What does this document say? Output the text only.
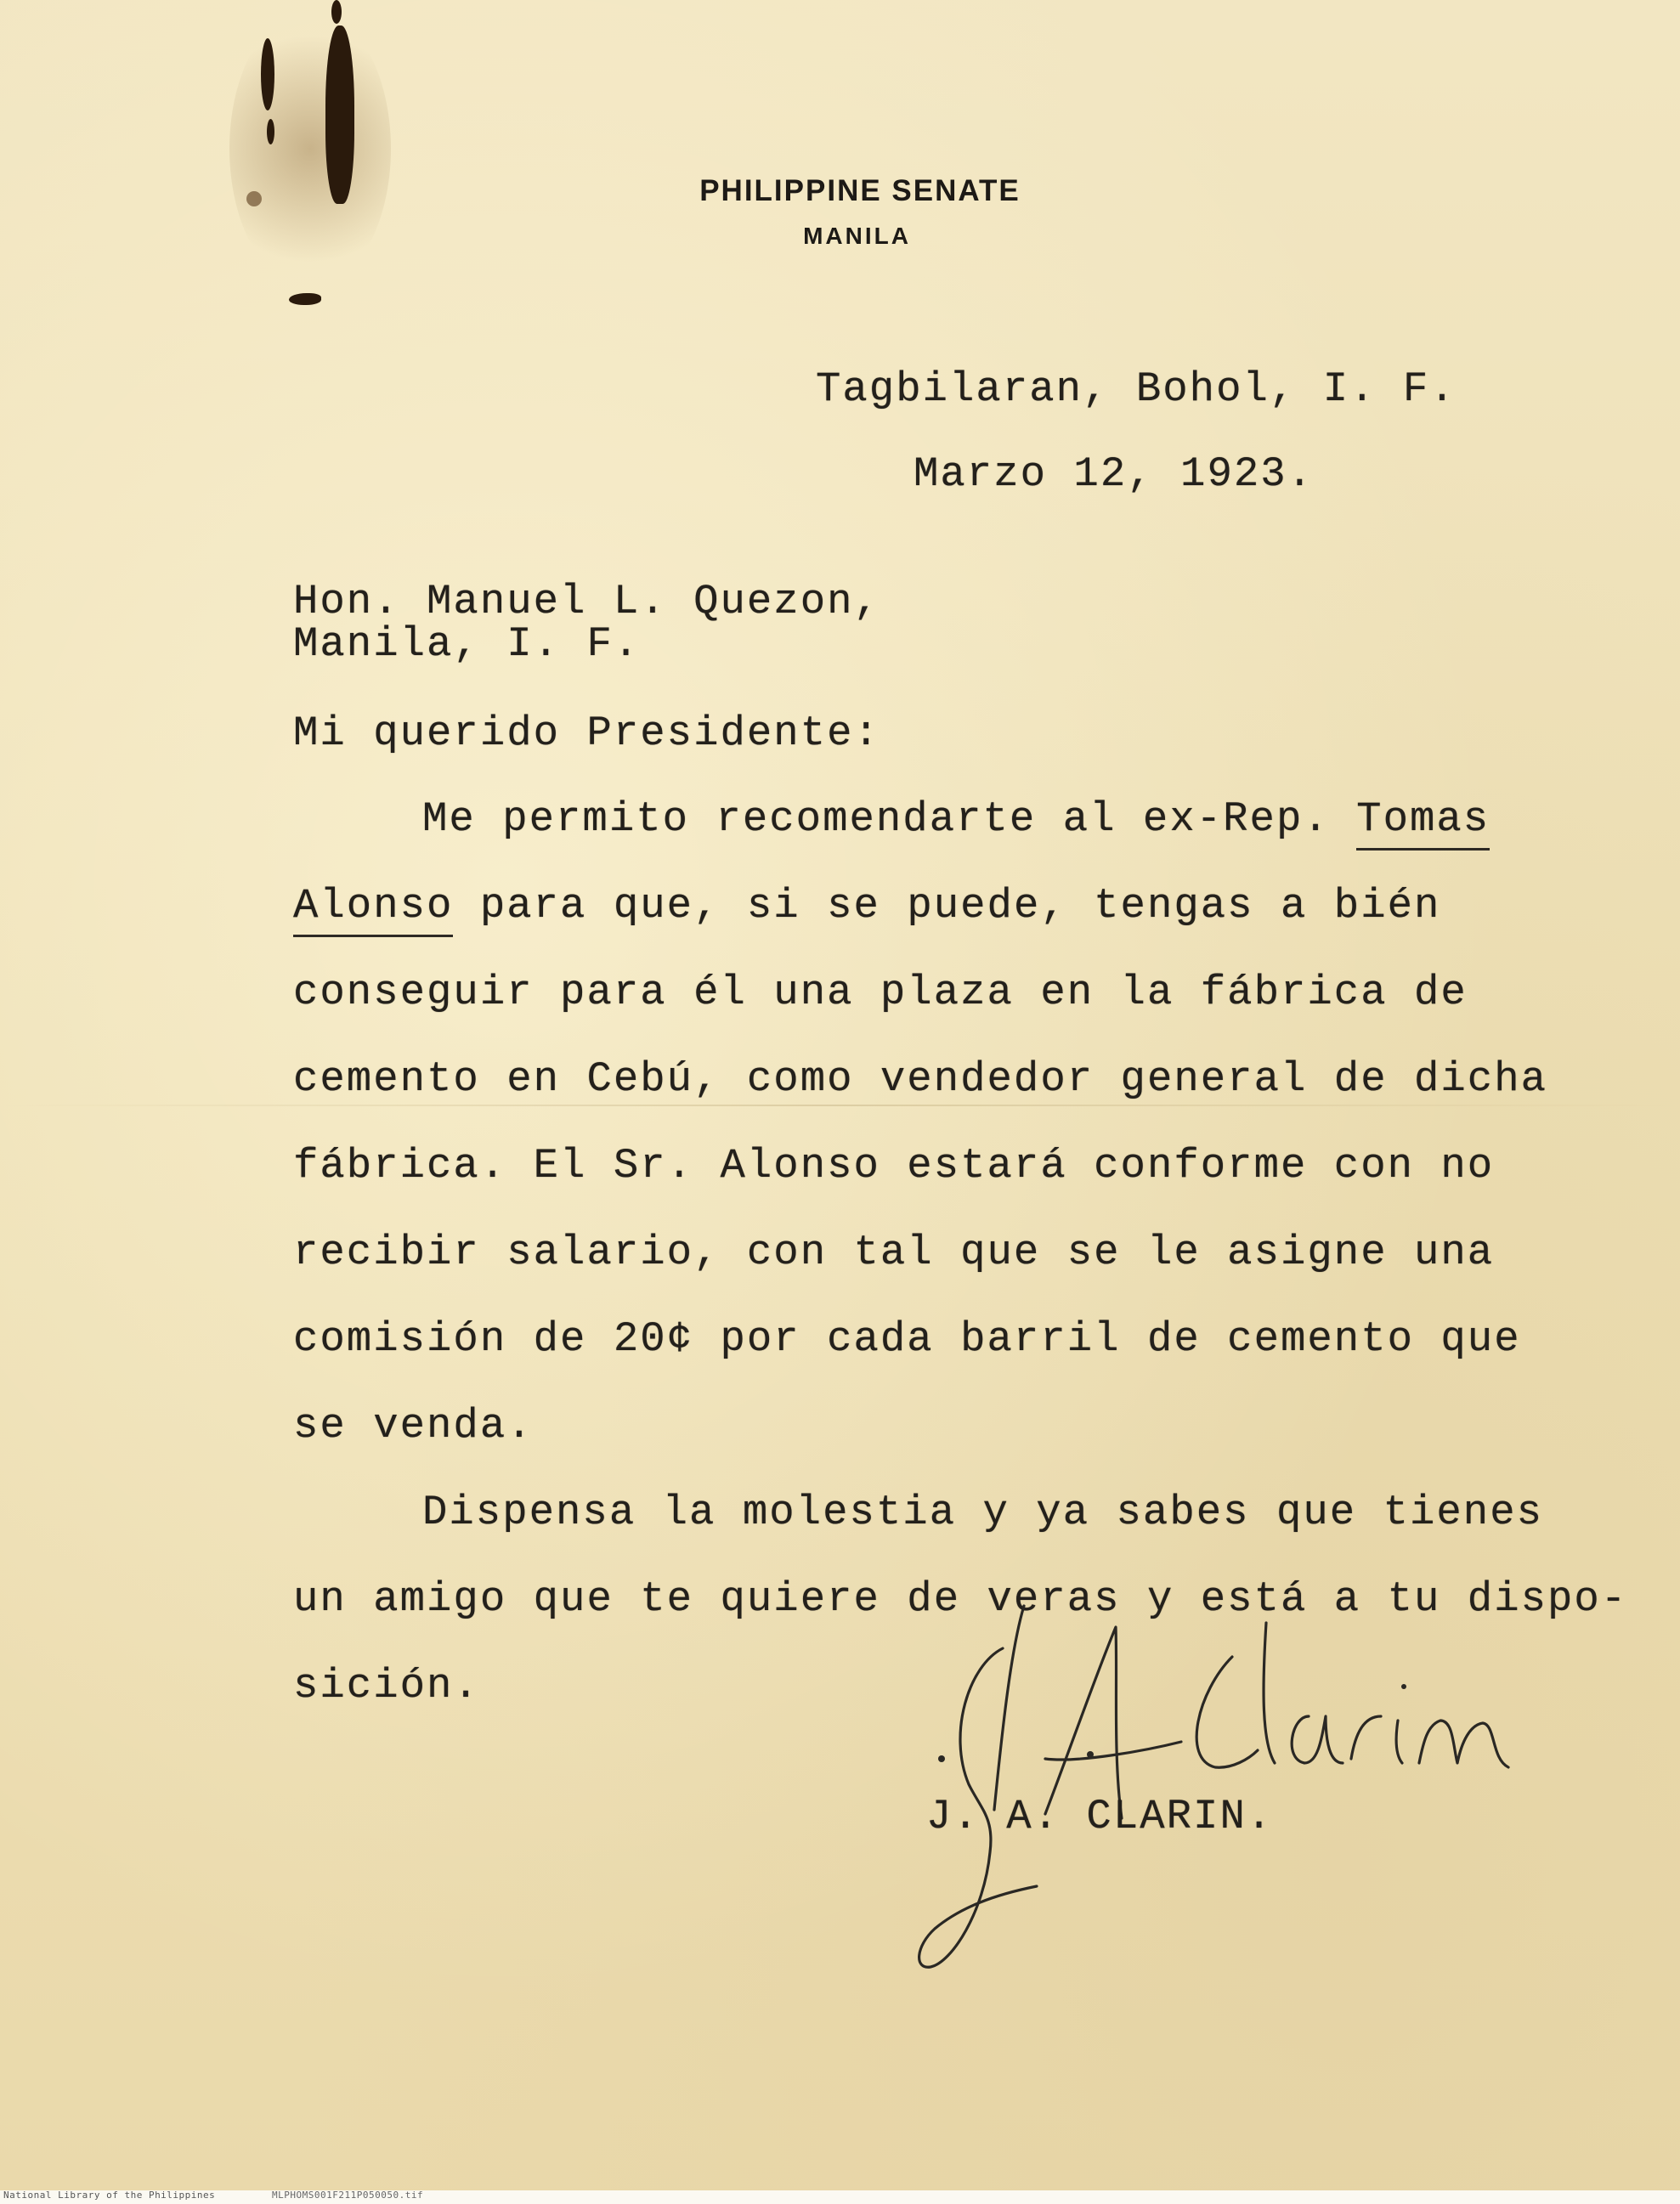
PHILIPPINE SENATE
MANILA

Tagbilaran, Bohol, I. F.

Marzo 12, 1923.

Hon. Manuel L. Quezon,

Manila, I. F.

Mi querido Presidente:

Me permito recomendarte al ex-Rep. Tomas

Alonso para que, si se puede, tengas a bién

conseguir para él una plaza en la fábrica de

cemento en Cebú, como vendedor general de dicha

fábrica. El Sr. Alonso estará conforme con no

recibir salario, con tal que se le asigne una

comisión de 20¢ por cada barril de cemento que

se venda.

Dispensa la molestia y ya sabes que tienes

un amigo que te quiere de veras y está a tu dispo-

sición.

J. A. CLARIN.

National Library of the Philippines	MLPHOMS001F211P050050.tif
